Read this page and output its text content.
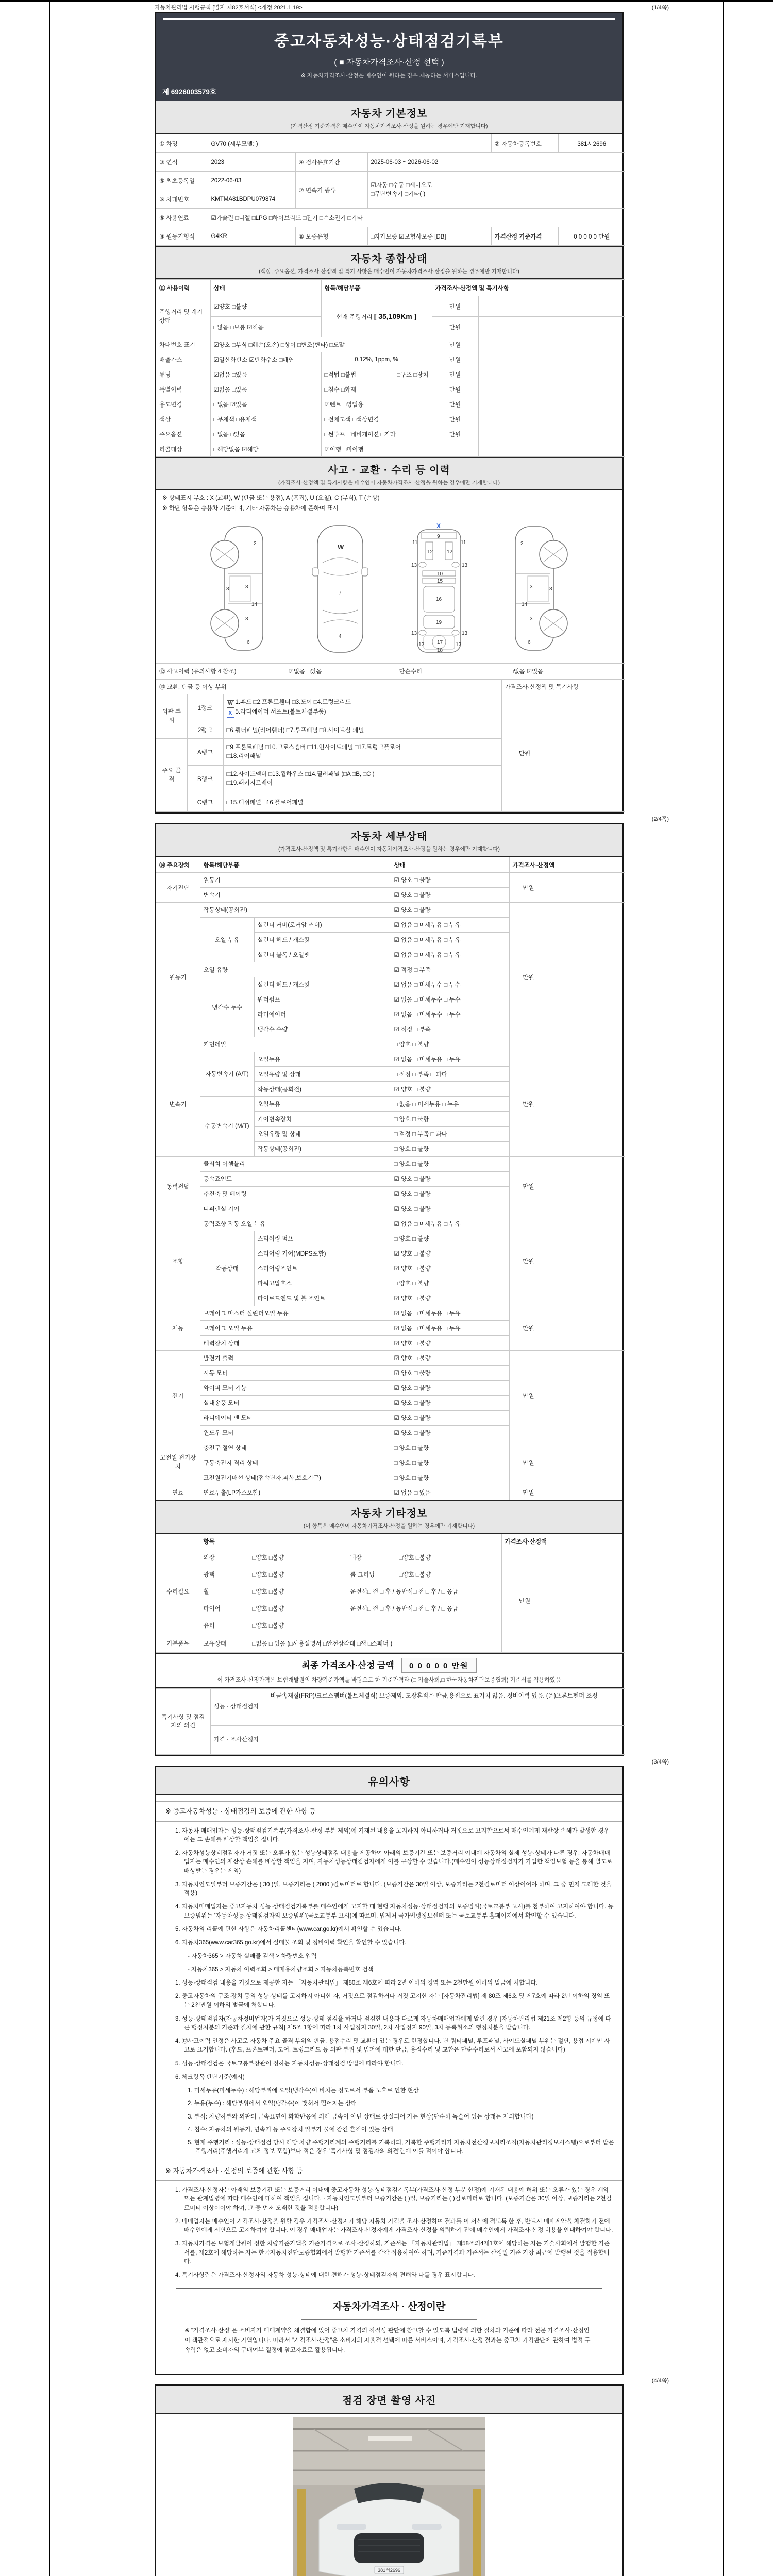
자동차관리법 시행규칙 [별지 제82호서식] <개정 2021.1.19>	(1/4쪽)
중고자동차성능·상태점검기록부
( ■ 자동차가격조사·산정 선택 )
※ 자동차가격조사·산정은 매수인이 원하는 경우 제공하는 서비스입니다.
제 6926003579호
자동차 기본정보
(가격산정 기준가격은 매수인이 자동차가격조사·산정을 원하는 경우에만 기재합니다)
① 차명	GV70 (세부모델: )			② 자동차등록번호	381서2696
③ 연식	2023	④ 검사유효기간	2025-06-03 ~ 2026-06-02		
⑤ 최초등록일	2022-06-03	⑦ 변속기 종류	☑자동 □수동 □세미오토
□무단변속기 □기타( )		

⑥ 차대번호	KMTMA81BDPU079874				
⑧ 사용연료	☑가솔린 □디젤 □LPG □하이브리드 □전기 □수소전기 □기타				
⑨ 원동기형식	G4KR	⑩ 보증유형	□자가보증 ☑보험사보증 [DB]	가격산정 기준가격	0 0 0 0 0 만원
자동차 종합상태
(색상, 주요옵션, 가격조사·산정액 및 특기 사항은 매수인이 자동차가격조사·산정을 원하는 경우에만 기재합니다)
⑪ 사용이력	상태	항목/해당부품	가격조사·산정액 및 특기사항	
주행거리 및 계기상태	☑양호 □불량	현재 주행거리 [ 35,109Km ]	만원	
	□많음 □보통 ☑적음		만원	
차대번호 표기	☑양호 □부식 □훼손(오손) □상이 □변조(변타) □도말		만원	
배출가스	☑일산화탄소 ☑탄화수소 □매연	0.12%, 1ppm, %	만원	
튜닝	☑없음 □있음	□적법 □불법 □구조 □장치	만원	
특별이력	☑없음 □있음	□침수 □화재	만원	
용도변경	□없음 ☑있음	☑렌트 □영업용	만원	
색상	□무채색 □유채색	□전체도색 □색상변경	만원	
주요옵션	□없음 □있음	□썬루프 □네비게이션 □기타	만원	
리콜대상	□해당없음 ☑해당	☑이행 □미이행		
사고 · 교환 · 수리 등 이력
(가격조사·산정액 및 특기사항은 매수인이 자동차가격조사·산정을 원하는 경우에만 기재합니다)
※ 상태표시 부호 : X (교환), W (판금 또는 용접), A (흠집), U (요철), C (부식), T (손상)
※ 하단 항목은 승용차 기준이며, 기타 자동차는 승용차에 준하여 표시
2
8	3
14
3
6
W
7
4
X
9
11	11
13	13
12	12
10
15
16
19
13	13
12	12
17
18
2
8
3
14
3
6
⑫ 사고이력 (유의사항 4 참조)	☑없음 □있음	단순수리	□없음 ☑있음
⑬ 교환, 판금 등 이상 부위			가격조사·산정액 및 특기사항	
외판 부위	1랭크	W 1.후드 □2.프론트휀더 □3.도어 □4.트렁크리드
X 5.라디에이터 서포트(볼트체결부품)	만원	
	2랭크	□6.쿼터패널(리어휀더) □7.루프패널 □8.사이드실 패널		
주요 골격	A랭크	□9.프론트패널 □10.크로스멤버 □11.인사이드패널 □17.트렁크플로어
□18.리어패널		

	B랭크	□12.사이드멤버 □13.휠하우스 □14.필러패널 (□A □B, □C )
□19.패키지트레이		

	C랭크	□15.대쉬패널 □16.플로어패널		
(2/4쪽)
자동차 세부상태
(가격조사·산정액 및 특기사항은 매수인이 자동차가격조사·산정을 원하는 경우에만 기재합니다)
⑭ 주요장치	항목/해당부품		상태	가격조사·산정액	
자기진단	원동기		☑ 양호 □ 불량	만원	
	변속기		☑ 양호 □ 불량		
원동기	작동상태(공회전)		☑ 양호 □ 불량	만원	
	오일 누유	실린더 커버(로커암 커버)	☑ 없음 □ 미세누유 □ 누유		
		실린더 헤드 / 개스킷	☑ 없음 □ 미세누유 □ 누유		
		실린더 블록 / 오일팬	☑ 없음 □ 미세누유 □ 누유		
	오일 유량		☑ 적정 □ 부족		
	냉각수 누수	실린더 헤드 / 개스킷	☑ 없음 □ 미세누수 □ 누수		
		워터펌프	☑ 없음 □ 미세누수 □ 누수		
		라디에이터	☑ 없음 □ 미세누수 □ 누수		
		냉각수 수량	☑ 적정 □ 부족		
	커먼레일		□ 양호 □ 불량		
변속기	자동변속기 (A/T)	오일누유	☑ 없음 □ 미세누유 □ 누유	만원	
		오일유량 및 상태	□ 적정 □ 부족 □ 과다		
		작동상태(공회전)	☑ 양호 □ 불량		
	수동변속기 (M/T)	오일누유	□ 없음 □ 미세누유 □ 누유		
		기어변속장치	□ 양호 □ 불량		
		오일유량 및 상태	□ 적정 □ 부족 □ 과다		
		작동상태(공회전)	□ 양호 □ 불량		
동력전달	클러치 어셈블리		□ 양호 □ 불량	만원	
	등속죠인트		☑ 양호 □ 불량		
	추진축 및 베어링		☑ 양호 □ 불량		
	디퍼렌셜 기어		☑ 양호 □ 불량		
조향	동력조향 작동 오일 누유		☑ 없음 □ 미세누유 □ 누유	만원	
	작동상태	스티어링 펌프	□ 양호 □ 불량		
		스티어링 기어(MDPS포함)	☑ 양호 □ 불량		
		스티어링조인트	☑ 양호 □ 불량		
		파워고압호스	□ 양호 □ 불량		
		타이로드엔드 및 볼 조인트	☑ 양호 □ 불량		
제동	브레이크 마스터 실린더오일 누유		☑ 없음 □ 미세누유 □ 누유	만원	
	브레이크 오일 누유		☑ 없음 □ 미세누유 □ 누유		
	배력장치 상태		☑ 양호 □ 불량		
전기	발전기 출력		☑ 양호 □ 불량	만원	
	시동 모터		☑ 양호 □ 불량		
	와이퍼 모터 기능		☑ 양호 □ 불량		
	실내송풍 모터		☑ 양호 □ 불량		
	라디에이터 팬 모터		☑ 양호 □ 불량		
	윈도우 모터		☑ 양호 □ 불량		
고전원 전기장치	충전구 절연 상태		□ 양호 □ 불량	만원	
	구동축전지 격리 상태		□ 양호 □ 불량		
	고전원전기배선 상태(접속단자,피복,보호기구)		□ 양호 □ 불량		
연료	연료누출(LP가스포함)		☑ 없음 □ 있음	만원	
자동차 기타정보
(이 항목은 매수인이 자동차가격조사·산정을 원하는 경우에만 기재합니다)
	항목				가격조사·산정액	
수리필요	외장	□양호 □불량	내장	□양호 □불량	만원	
	광택	□양호 □불량	룸 크리닝	□양호 □불량		
	휠	□양호 □불량	운전석□ 전 □ 후 / 동반석□ 전 □ 후 / □ 응급			
	타이어	□양호 □불량	운전석□ 전 □ 후 / 동반석□ 전 □ 후 / □ 응급			
	유리	□양호 □불량				
기본품목	보유상태	□없음 □ 있음 (□사용설명서 □안전삼각대 □잭 □스패너 )				
최종 가격조사·산정 금액 0 0 0 0 0 만원
이 가격조사·산정가격은 보험개발원의 차량기준가액을 바탕으로 한 기준가격과 (□ 기술사회,□ 한국자동차진단보증협회) 기준서를 적용하였음
특기사항 및 점검자의 의견	성능 · 상태점검자	비금속재질(FRP)/크로스멤버(볼트체결식) 보증제외. 도장흔적은 판금,용접으로 표기치 않음. 정비이력 있음. (운)프론트펜더 조정
	가격 · 조사산정자	
(3/4쪽)
유의사항
※ 중고자동차성능 · 상태점검의 보증에 관한 사항 등
1. 자동차 매매업자는 성능·상태점검기록부(가격조사·산정 부분 제외)에 기재된 내용을 고지하지 아니하거나 거짓으로 고지함으로써 매수인에게 재산상 손해가 발생한 경우에는 그 손해를 배상할 책임을 집니다.
2. 자동차성능상태점검자가 거짓 또는 오류가 있는 성능상태점검 내용을 제공하여 아래의 보증기간 또는 보증거리 이내에 자동차의 실제 성능·상태가 다른 경우, 자동차매매업자는 매수인의 재산상 손해를 배상할 책임을 지며, 자동차성능상태점검자에게 이를 구상할 수 있습니다.(매수인이 성능상태점검자가 가입한 책임보험 등을 통해 별도로 배상받는 경우는 제외)
3. 자동차인도일부터 보증기간은 ( 30 )일, 보증거리는 ( 2000 )킬로미터로 합니다. (보증기간은 30일 이상, 보증거리는 2천킬로미터 이상이어야 하며, 그 중 먼저 도래한 것을 적용)
4. 자동차매매업자는 중고자동차 성능·상태점검기록부를 매수인에게 고지할 때 현행 자동차성능·상태점검자의 보증범위(국토교통부 고시)를 첨부하여 고지하여야 합니다. 동 보증범위는 '자동차성능·상태점검자의 보증범위'(국토교통부 고시)에 따르며, 법제처 국가법령정보센터 또는 국토교통부 홈페이지에서 확인할 수 있습니다.
5. 자동차의 리콜에 관한 사항은 자동차리콜센터(www.car.go.kr)에서 확인할 수 있습니다.
6. 자동차365(www.car365.go.kr)에서 실매물 조회 및 정비이력 확인을 확인할 수 있습니다.
- 자동차365 > 자동차 실매물 검색 > 차량번호 입력
- 자동차365 > 자동차 이력조회 > 매매용차량조회 > 자동차등록번호 검색
1. 성능·상태점검 내용을 거짓으로 제공한 자는 「자동차관리법」 제80조 제6호에 따라 2년 이하의 징역 또는 2천만원 이하의 벌금에 처합니다.
2. 중고자동차의 구조·장치 등의 성능·상태를 고지하지 아니한 자, 거짓으로 점검하거나 거짓 고지한 자는 [자동차관리법] 제 80조 제6호 및 제7호에 따라 2년 이하의 징역 또는 2천만원 이하의 벌금에 처합니다.
3. 성능·상태점검자(자동차정비업자)가 거짓으로 성능·상태 점검을 하거나 점검한 내용과 다르게 자동차매매업자에게 알린 경우 [자동차관리법 제21조 제2항 등의 규정에 따른 행정처분의 기준과 절차에 관한 규칙] 제5조 1항에 따라 1차 사업정지 30일, 2차 사업정지 90일, 3차 등록취소의 행정처분을 받습니다.
4. ⑫사고이력 인정은 사고로 자동차 주요 골격 부위의 판금, 용접수리 및 교환이 있는 경우로 한정합니다. 단 쿼터패널, 루프패널, 사이드실패널 부위는 절단, 용접 시에만 사고로 표기합니다. (후드, 프론트펜더, 도어, 트렁크리드 등 외판 부위 및 범퍼에 대한 판금, 용접수리 및 교환은 단순수리로서 사고에 포함되지 않습니다)
5. 성능·상태점검은 국토교통부장관이 정하는 자동차성능·상태점검 방법에 따라야 합니다.
6. 체크항목 판단기준(예시)
1. 미세누유(미세누수) : 해당부위에 오일(냉각수)이 비치는 정도로서 부품 노후로 인한 현상
2. 누유(누수) : 해당부위에서 오일(냉각수)이 맺혀서 떨어지는 상태
3. 부식: 차량하부와 외판의 금속표면이 화학반응에 의해 금속이 아닌 상태로 상실되어 가는 현상(단순히 녹슬어 있는 상태는 제외합니다)
4. 침수: 자동차의 원동기, 변속기 등 주요장치 일부가 물에 잠긴 흔적이 있는 상태
5. 현재 주행거리 : 성능·상태점검 당시 해당 차량 주행거리계의 주행거리를 기록하되, 기록한 주행거리가 자동차전산정보처리조직(자동차관리정보시스템)으로부터 받은 주행거리(주행거리계 교체 정보 포함)보다 적은 경우 '특기사항 및 점검자의 의견'란에 이를 적어야 합니다.
※ 자동차가격조사 · 산정의 보증에 관한 사항 등
1. 가격조사·산정자는 아래의 보증기간 또는 보증거리 이내에 중고자동차 성능·상태점검기록부(가격조사·산정 부분 한정)에 기재된 내용에 허위 또는 오류가 있는 경우 계약 또는 관계법령에 따라 매수인에 대하여 책임을 집니다. · 자동차인도일부터 보증기간은 ( )일, 보증거리는 ( )킬로미터로 합니다. (보증기간은 30일 이상, 보증거리는 2천킬로미터 이상이어야 하며, 그 중 먼저 도래한 것을 적용합니다)
2. 매매업자는 매수인이 가격조사·산정을 원할 경우 가격조사·산정자가 해당 자동차 가격을 조사·산정하여 결과를 이 서식에 적도록 한 후, 반드시 매매계약을 체결하기 전에 매수인에게 서면으로 고지하여야 합니다. 이 경우 매매업자는 가격조사·산정자에게 가격조사·산정을 의뢰하기 전에 매수인에게 가격조사·산정 비용을 안내하여야 합니다.
3. 자동차가격은 보험개발원이 정한 차량기준가액을 기준가격으로 조사·산정하되, 기준서는 「자동차관리법」 제58조의4제1호에 해당하는 자는 기술사회에서 발행한 기준서를, 제2호에 해당하는 자는 한국자동차진단보증협회에서 발행한 기준서를 각각 적용하여야 하며, 기준가격과 기준서는 산정일 기준 가장 최근에 발행된 것을 적용합니다.
4. 특기사항란은 가격조사·산정자의 자동차 성능·상태에 대한 견해가 성능·상태점검자의 견해와 다를 경우 표시합니다.
자동차가격조사 · 산정이란
※ "가격조사·산정"은 소비자가 매매계약을 체결함에 있어 중고차 가격의 적절성 판단에 참고할 수 있도록 법령에 의한 절차와 기준에 따라 전문 가격조사·산정인이 객관적으로 제시한 가액입니다. 따라서 "가격조사·산정"은 소비자의 자율적 선택에 따른 서비스이며, 가격조사·산정 결과는 중고차 가격판단에 관하여 법적 구속력은 없고 소비자의 구매여부 결정에 참고자료로 활용됩니다.
(4/4쪽)
점검 장면 촬영 사진
381서2696
